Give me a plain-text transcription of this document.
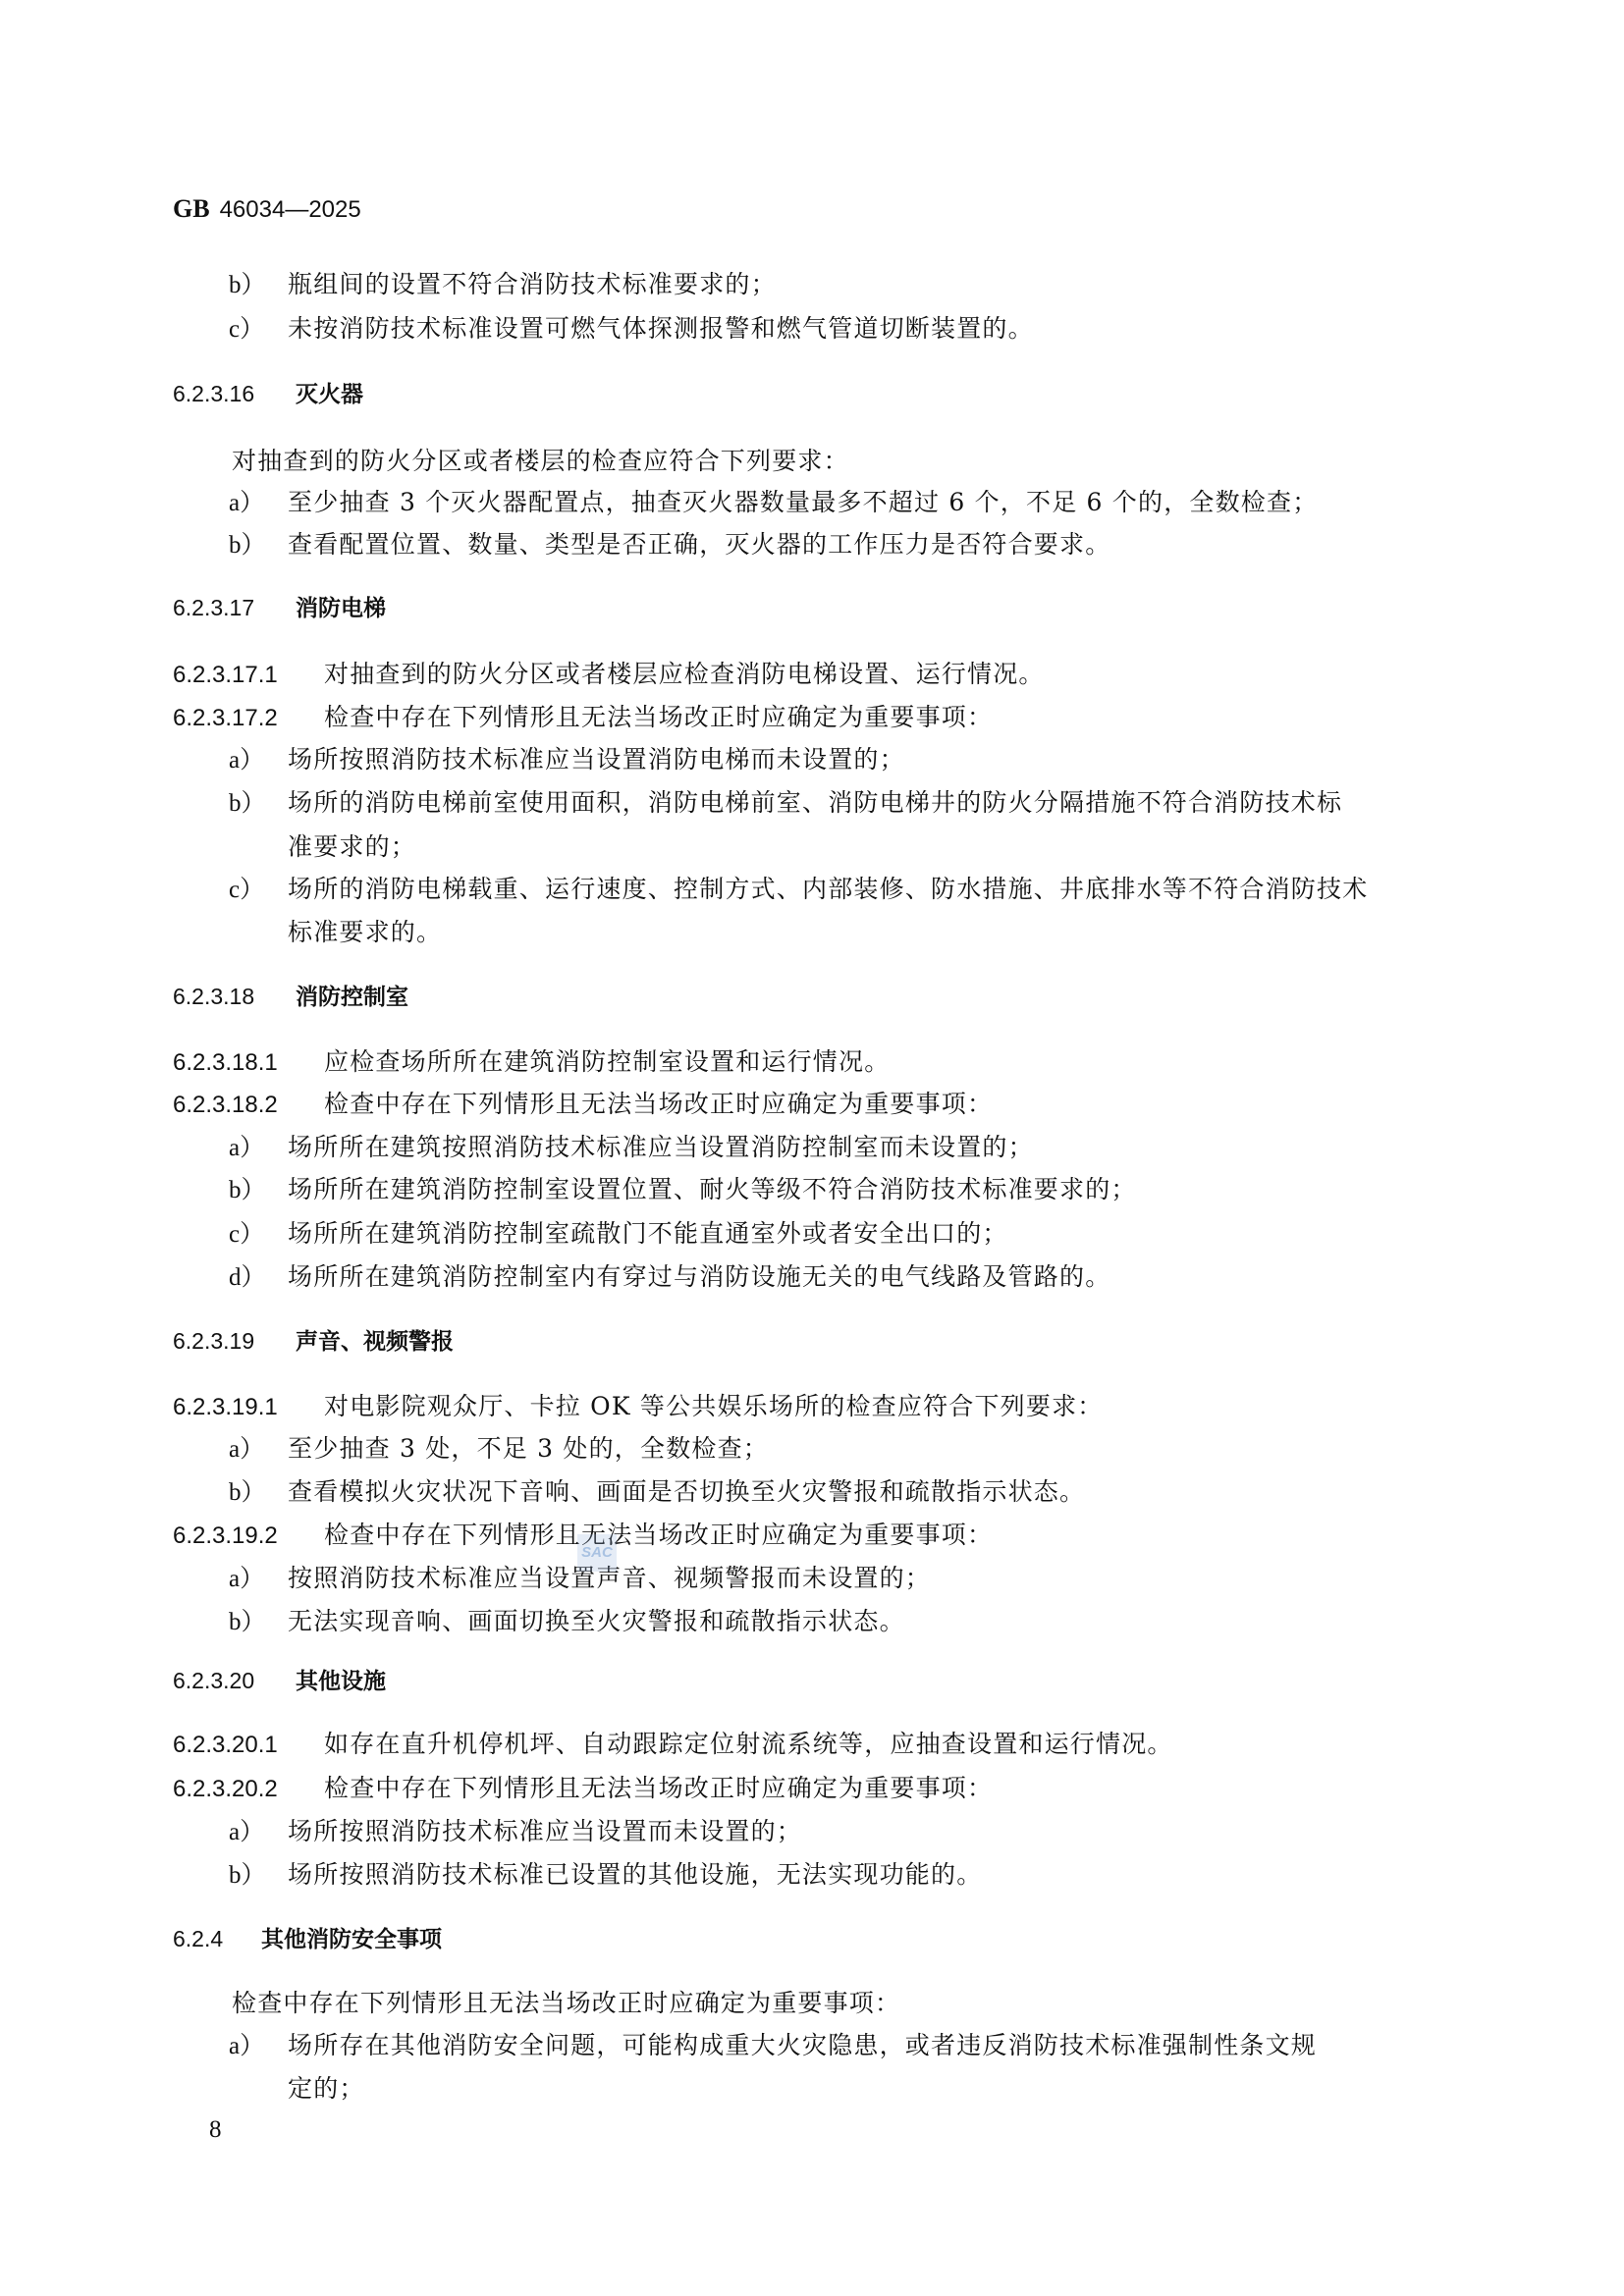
GB 46034—2025
b） 瓶组间的设置不符合消防技术标准要求的；
c） 未按消防技术标准设置可燃气体探测报警和燃气管道切断装置的。
6.2.3.16 灭火器
对抽查到的防火分区或者楼层的检查应符合下列要求：
a） 至少抽查 3 个灭火器配置点，抽查灭火器数量最多不超过 6 个，不足 6 个的，全数检查；
b） 查看配置位置、数量、类型是否正确，灭火器的工作压力是否符合要求。
6.2.3.17 消防电梯
6.2.3.17.1 对抽查到的防火分区或者楼层应检查消防电梯设置、运行情况。
6.2.3.17.2 检查中存在下列情形且无法当场改正时应确定为重要事项：
a） 场所按照消防技术标准应当设置消防电梯而未设置的；
b） 场所的消防电梯前室使用面积，消防电梯前室、消防电梯井的防火分隔措施不符合消防技术标
准要求的；
c） 场所的消防电梯载重、运行速度、控制方式、内部装修、防水措施、井底排水等不符合消防技术
标准要求的。
6.2.3.18 消防控制室
6.2.3.18.1 应检查场所所在建筑消防控制室设置和运行情况。
6.2.3.18.2 检查中存在下列情形且无法当场改正时应确定为重要事项：
a） 场所所在建筑按照消防技术标准应当设置消防控制室而未设置的；
b） 场所所在建筑消防控制室设置位置、耐火等级不符合消防技术标准要求的；
c） 场所所在建筑消防控制室疏散门不能直通室外或者安全出口的；
d） 场所所在建筑消防控制室内有穿过与消防设施无关的电气线路及管路的。
6.2.3.19 声音、视频警报
6.2.3.19.1 对电影院观众厅、卡拉 OK 等公共娱乐场所的检查应符合下列要求：
a） 至少抽查 3 处，不足 3 处的，全数检查；
b） 查看模拟火灾状况下音响、画面是否切换至火灾警报和疏散指示状态。
6.2.3.19.2 检查中存在下列情形且无法当场改正时应确定为重要事项：
a） 按照消防技术标准应当设置声音、视频警报而未设置的；
b） 无法实现音响、画面切换至火灾警报和疏散指示状态。
6.2.3.20 其他设施
6.2.3.20.1 如存在直升机停机坪、自动跟踪定位射流系统等，应抽查设置和运行情况。
6.2.3.20.2 检查中存在下列情形且无法当场改正时应确定为重要事项：
a） 场所按照消防技术标准应当设置而未设置的；
b） 场所按照消防技术标准已设置的其他设施，无法实现功能的。
6.2.4 其他消防安全事项
检查中存在下列情形且无法当场改正时应确定为重要事项：
a） 场所存在其他消防安全问题，可能构成重大火灾隐患，或者违反消防技术标准强制性条文规
定的；
8
SAC
